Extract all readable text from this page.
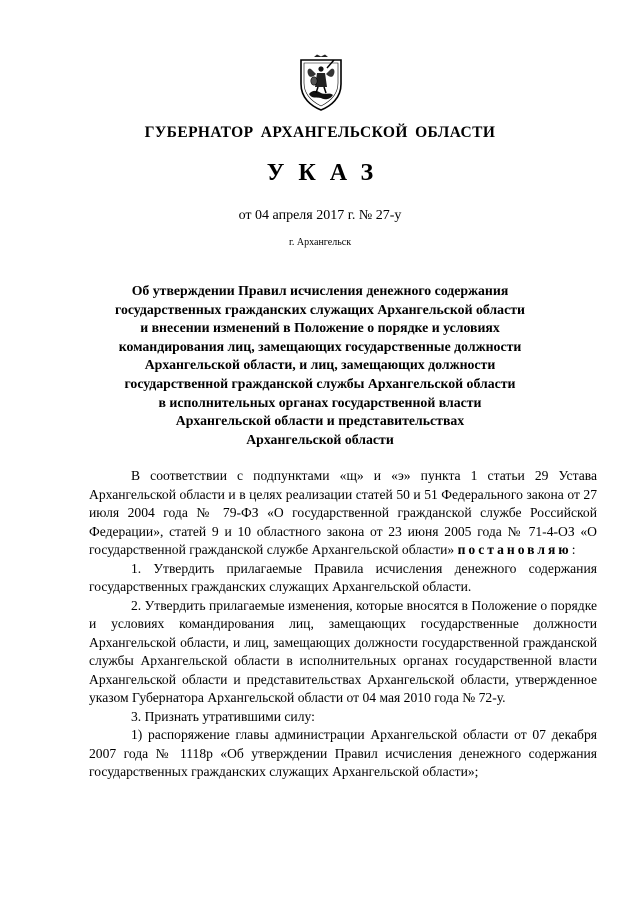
ГУБЕРНАТОР АРХАНГЕЛЬСКОЙ ОБЛАСТИ
УКАЗ
от 04 апреля 2017 г. № 27-у
г. Архангельск
Об утверждении Правил исчисления денежного содержания
государственных гражданских служащих Архангельской области
и внесении изменений в Положение о порядке и условиях
командирования лиц, замещающих государственные должности
Архангельской области, и лиц, замещающих должности
государственной гражданской службы Архангельской области
в исполнительных органах государственной власти
Архангельской области и представительствах
Архангельской области

В соответствии с подпунктами «щ» и «э» пункта 1 статьи 29 Устава Архангельской области и в целях реализации статей 50 и 51 Федерального закона от 27 июля 2004 года № 79-ФЗ «О государственной гражданской службе Российской Федерации», статей 9 и 10 областного закона от 23 июня 2005 года № 71-4-ОЗ «О государственной гражданской службе Архангельской области» постановляю:

1. Утвердить прилагаемые Правила исчисления денежного содержания государственных гражданских служащих Архангельской области.

2. Утвердить прилагаемые изменения, которые вносятся в Положение о порядке и условиях командирования лиц, замещающих государственные должности Архангельской области, и лиц, замещающих должности государственной гражданской службы Архангельской области в исполнительных органах государственной власти Архангельской области и представительствах Архангельской области, утвержденное указом Губернатора Архангельской области от 04 мая 2010 года № 72-у.

3. Признать утратившими силу:

1) распоряжение главы администрации Архангельской области от 07 декабря 2007 года № 1118р «Об утверждении Правил исчисления денежного содержания государственных гражданских служащих Архангельской области»;
